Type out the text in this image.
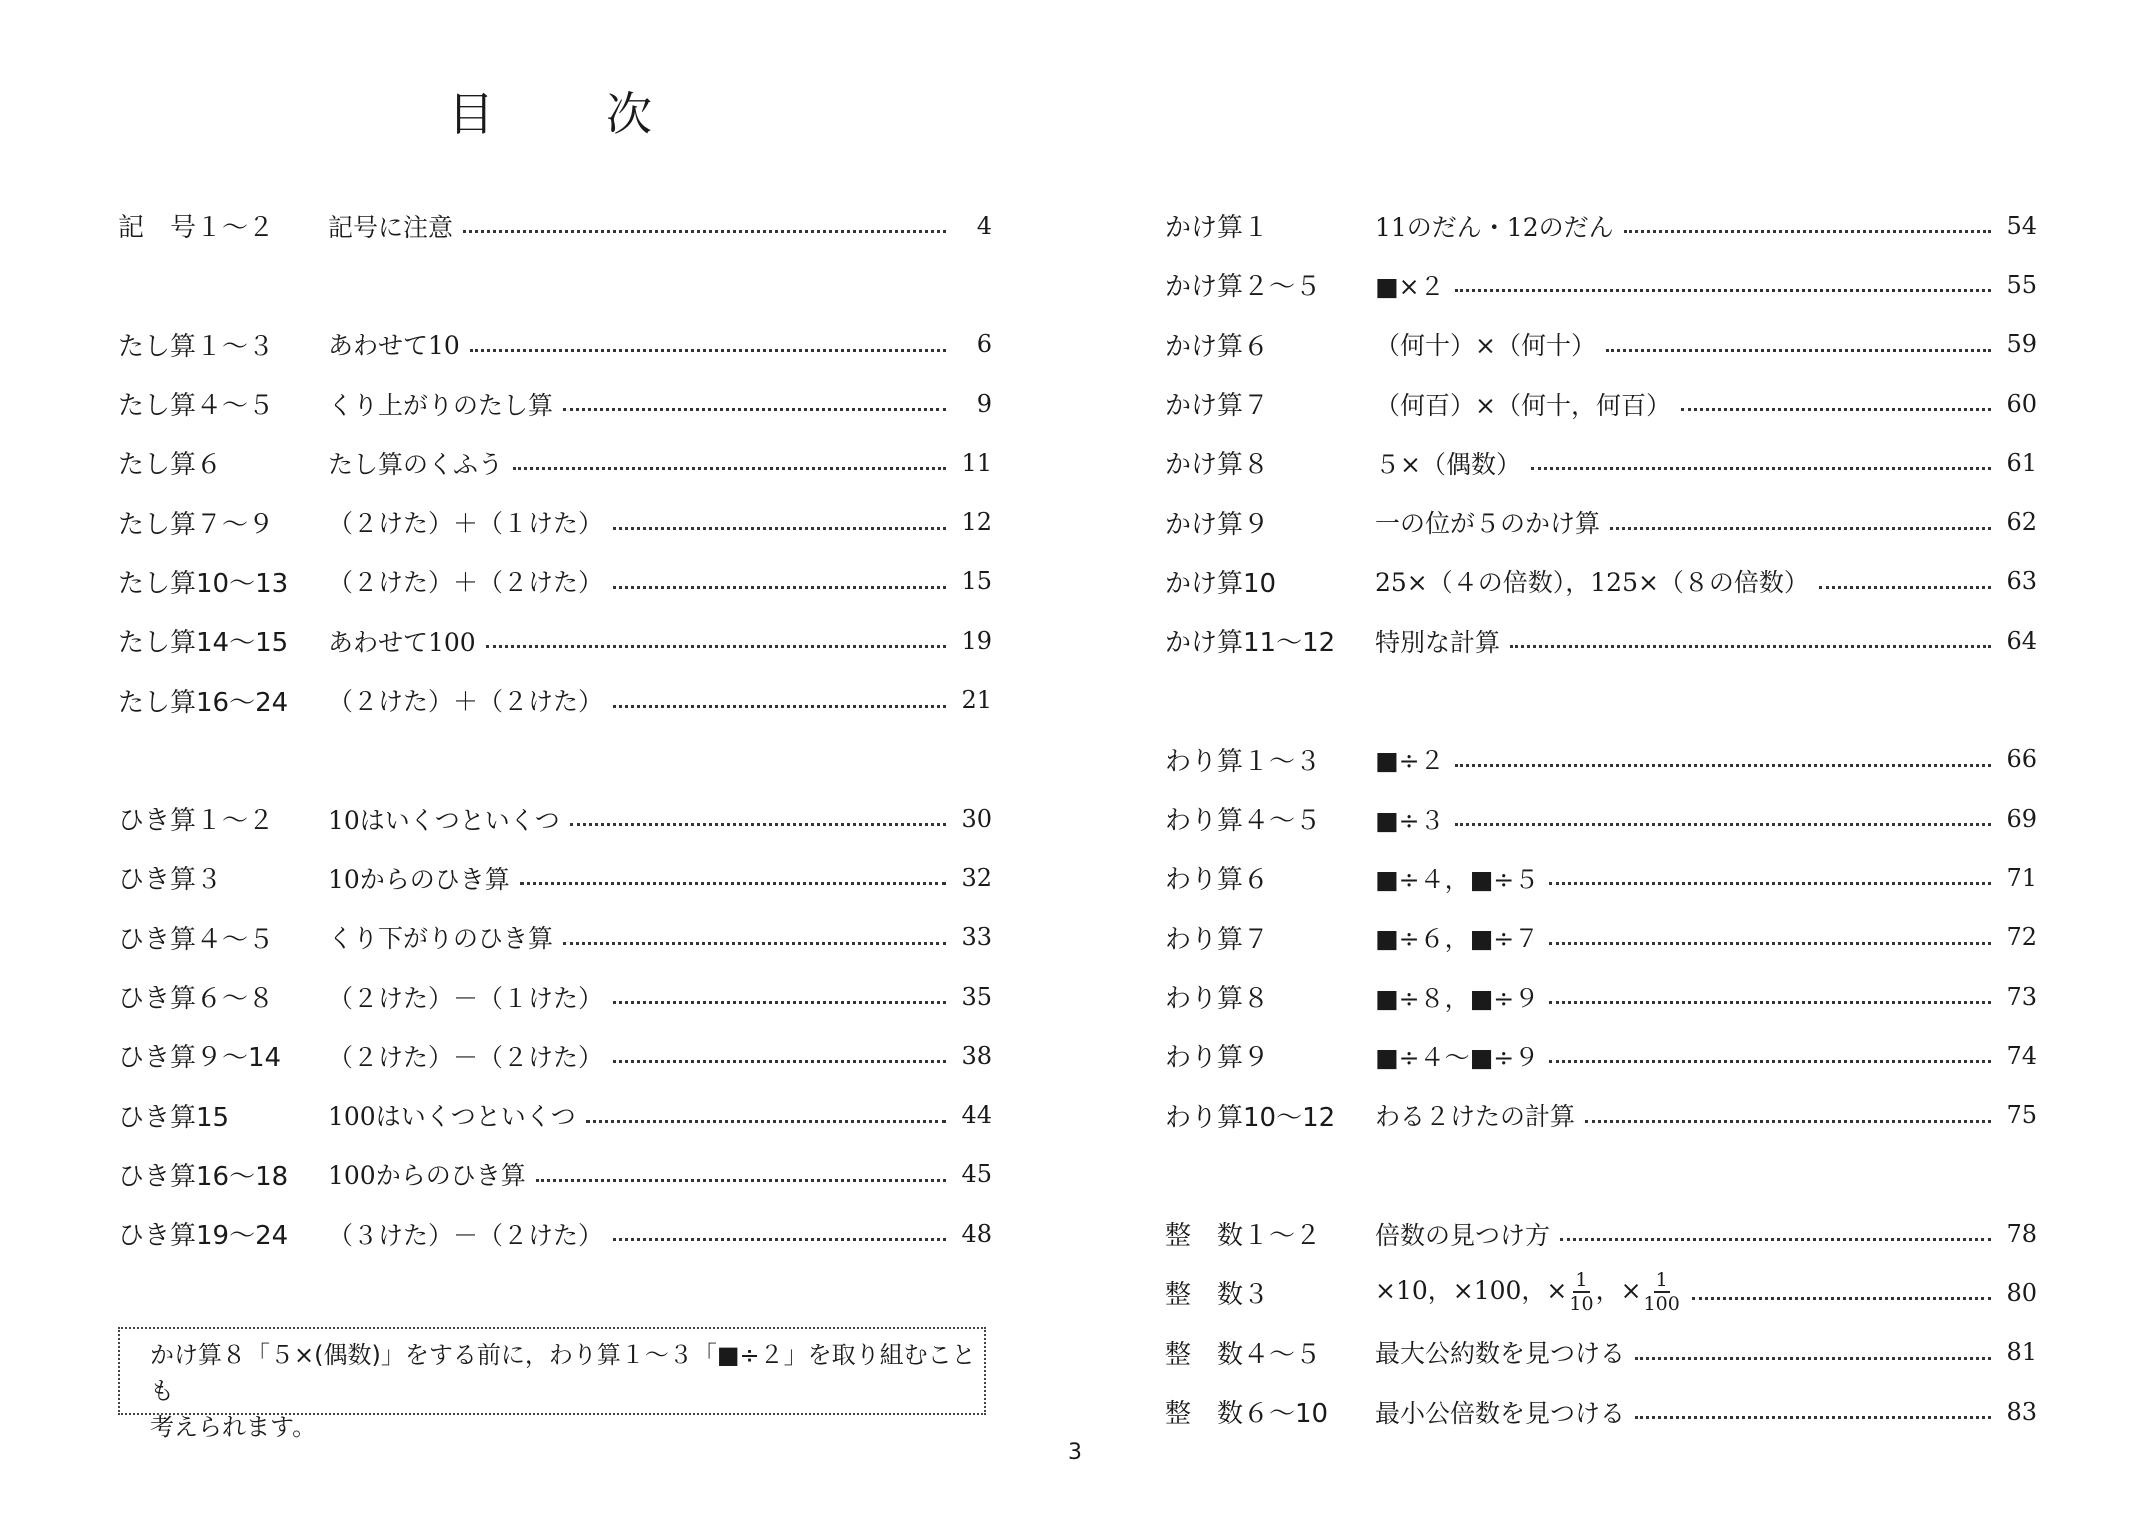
目 次
記　号１～２	記号に注意	4
たし算１～３	あわせて10	6
たし算４～５	くり上がりのたし算	9
たし算６	たし算のくふう	11
たし算７～９	（２けた）＋（１けた）	12
たし算10～13	（２けた）＋（２けた）	15
たし算14～15	あわせて100	19
たし算16～24	（２けた）＋（２けた）	21
ひき算１～２	10はいくつといくつ	30
ひき算３	10からのひき算	32
ひき算４～５	くり下がりのひき算	33
ひき算６～８	（２けた）－（１けた）	35
ひき算９～14	（２けた）－（２けた）	38
ひき算15	100はいくつといくつ	44
ひき算16～18	100からのひき算	45
ひき算19～24	（３けた）－（２けた）	48
かけ算１	11のだん・12のだん	54
かけ算２～５	■×２	55
かけ算６	（何十）×（何十）	59
かけ算７	（何百）×（何十，何百）	60
かけ算８	５×（偶数）	61
かけ算９	一の位が５のかけ算	62
かけ算10	25×（４の倍数），125×（８の倍数）	63
かけ算11～12	特別な計算	64
わり算１～３	■÷２	66
わり算４～５	■÷３	69
わり算６	■÷４，■÷５	71
わり算７	■÷６，■÷７	72
わり算８	■÷８，■÷９	73
わり算９	■÷４～■÷９	74
わり算10～12	わる２けたの計算	75
整　数１～２	倍数の見つけ方	78
整　数３	×10，×100，× $\frac{1}{10}$ ，× $\frac{1}{100}$	80
整　数４～５	最大公約数を見つける	81
整　数６～10	最小公倍数を見つける	83
かけ算８「５×(偶数)」をする前に，わり算１～３「■÷２」を取り組むことも
考えられます。
3
